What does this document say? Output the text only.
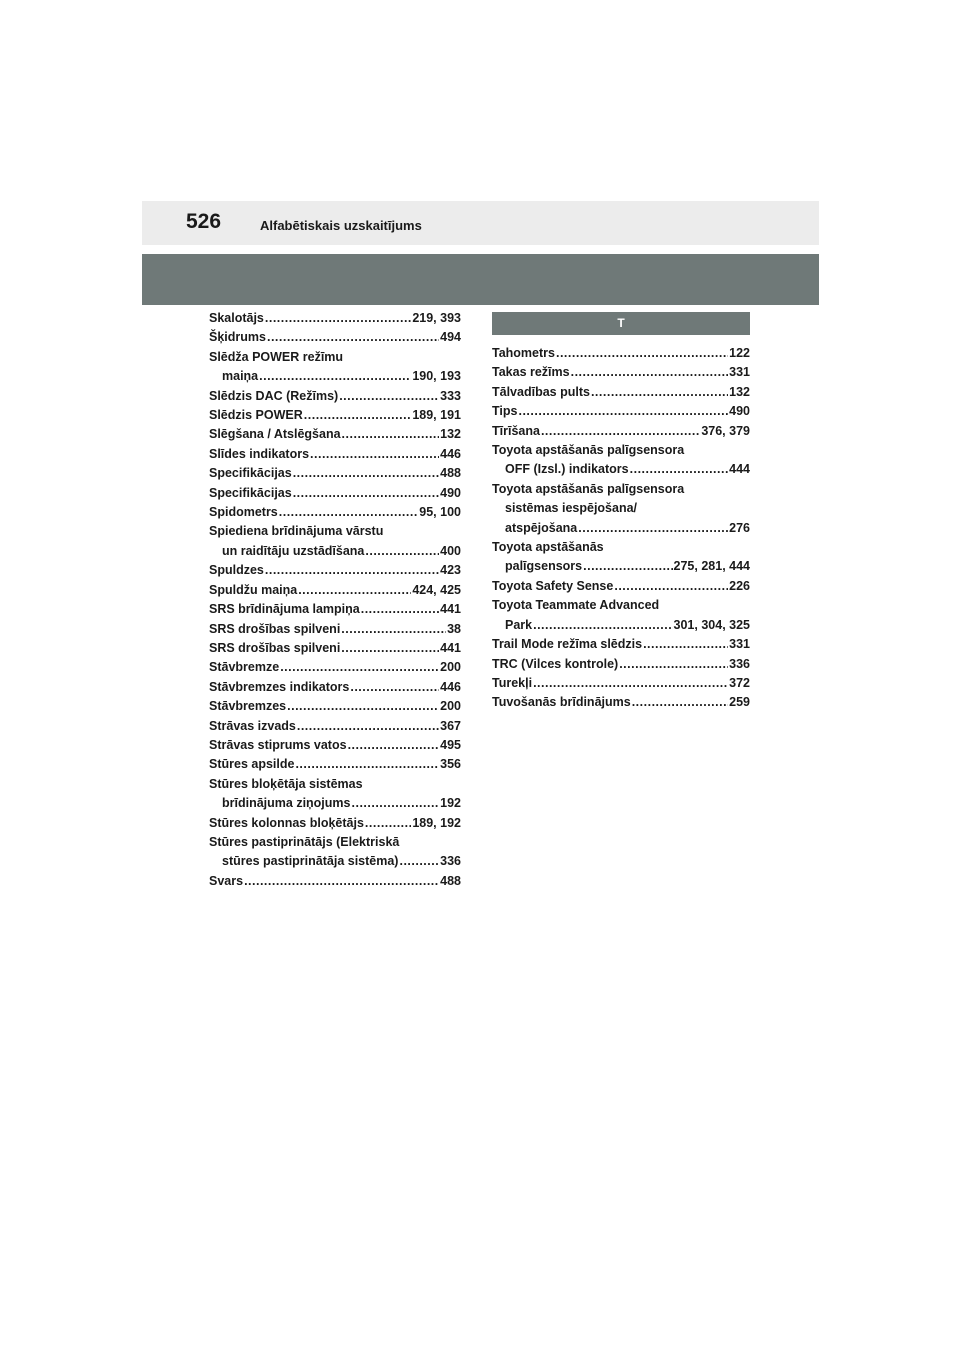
526	Alfabētiskais uzskaitījums
Skalotājs .....	219, 393
Šķidrums .....	494
Slēdža POWER režīmu
maiņa .....	190, 193
Slēdzis DAC (Režīms) .....	333
Slēdzis POWER .....	189, 191
Slēgšana / Atslēgšana .....	132
Slīdes indikators .....	446
Specifikācijas .....	488
Specifikācijas .....	490
Spidometrs .....	95, 100
Spiediena brīdinājuma vārstu
un raidītāju uzstādīšana .....	400
Spuldzes .....	423
Spuldžu maiņa .....	424, 425
SRS brīdinājuma lampiņa .....	441
SRS drošības spilveni .....	38
SRS drošības spilveni .....	441
Stāvbremze .....	200
Stāvbremzes indikators .....	446
Stāvbremzes .....	200
Strāvas izvads .....	367
Strāvas stiprums vatos .....	495
Stūres apsilde .....	356
Stūres bloķētāja sistēmas
brīdinājuma ziņojums .....	192
Stūres kolonnas bloķētājs .....	189, 192
Stūres pastiprinātājs (Elektriskā
stūres pastiprinātāja sistēma) .....	336
Svars .....	488
T
Tahometrs .....	122
Takas režīms .....	331
Tālvadības pults .....	132
Tips .....	490
Tīrīšana .....	376, 379
Toyota apstāšanās palīgsensora
OFF (Izsl.) indikators .....	444
Toyota apstāšanās palīgsensora
sistēmas iespējošana/
atspējošana .....	276
Toyota apstāšanās
palīgsensors .....	275, 281, 444
Toyota Safety Sense .....	226
Toyota Teammate Advanced
Park .....	301, 304, 325
Trail Mode režīma slēdzis .....	331
TRC (Vilces kontrole) .....	336
Turekļi .....	372
Tuvošanās brīdinājums .....	259
